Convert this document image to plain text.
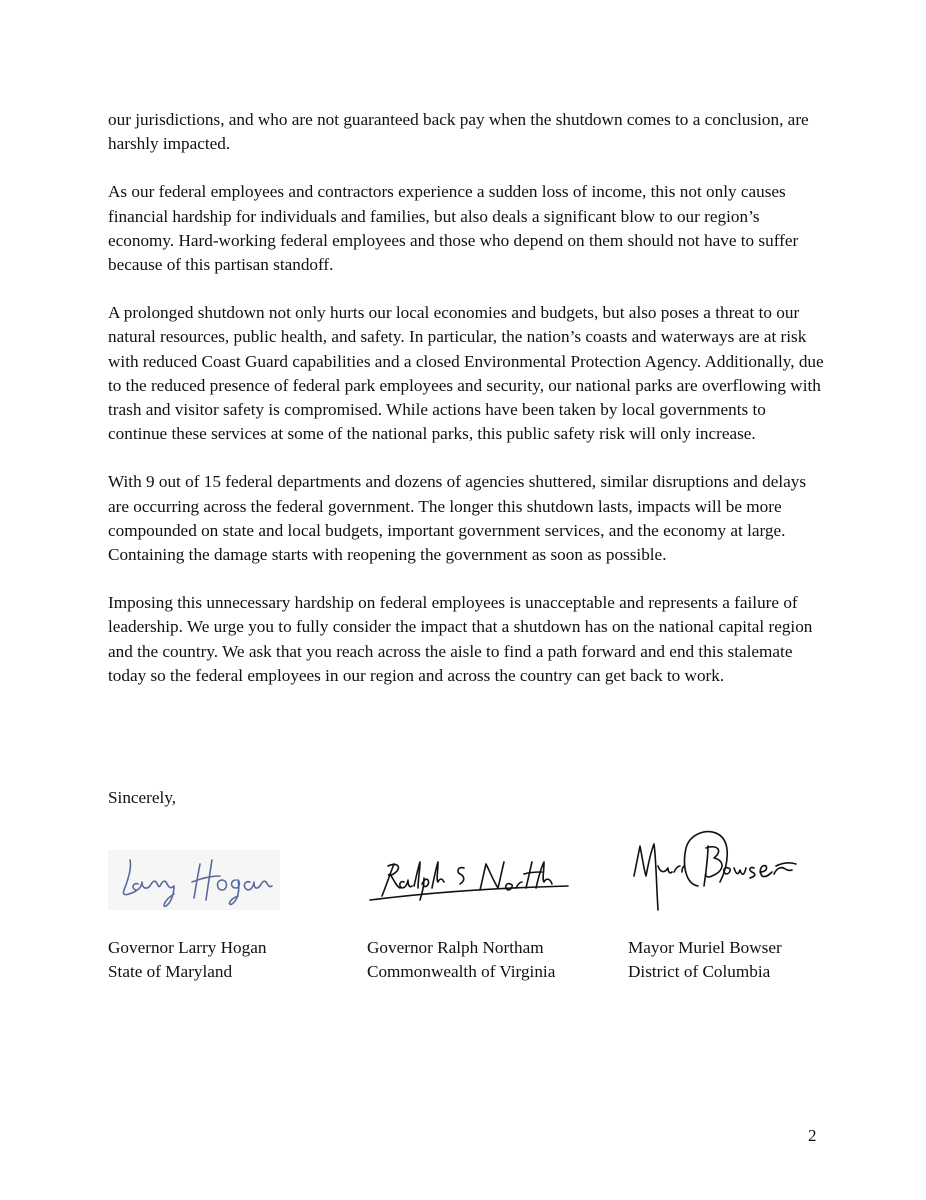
our jurisdictions, and who are not guaranteed back pay when the shutdown comes to a conclusion, are harshly impacted.

As our federal employees and contractors experience a sudden loss of income, this not only causes financial hardship for individuals and families, but also deals a significant blow to our region’s economy. Hard-working federal employees and those who depend on them should not have to suffer because of this partisan standoff.

A prolonged shutdown not only hurts our local economies and budgets, but also poses a threat to our natural resources, public health, and safety. In particular, the nation’s coasts and waterways are at risk with reduced Coast Guard capabilities and a closed Environmental Protection Agency. Additionally, due to the reduced presence of federal park employees and security, our national parks are overflowing with trash and visitor safety is compromised. While actions have been taken by local governments to continue these services at some of the national parks, this public safety risk will only increase.

With 9 out of 15 federal departments and dozens of agencies shuttered, similar disruptions and delays are occurring across the federal government. The longer this shutdown lasts, impacts will be more compounded on state and local budgets, important government services, and the economy at large. Containing the damage starts with reopening the government as soon as possible.

Imposing this unnecessary hardship on federal employees is unacceptable and represents a failure of leadership. We urge you to fully consider the impact that a shutdown has on the national capital region and the country. We ask that you reach across the aisle to find a path forward and end this stalemate today so the federal employees in our region and across the country can get back to work.

Sincerely,

Governor Larry Hogan

State of Maryland

Governor Ralph Northam

Commonwealth of Virginia

Mayor Muriel Bowser

District of Columbia

2
